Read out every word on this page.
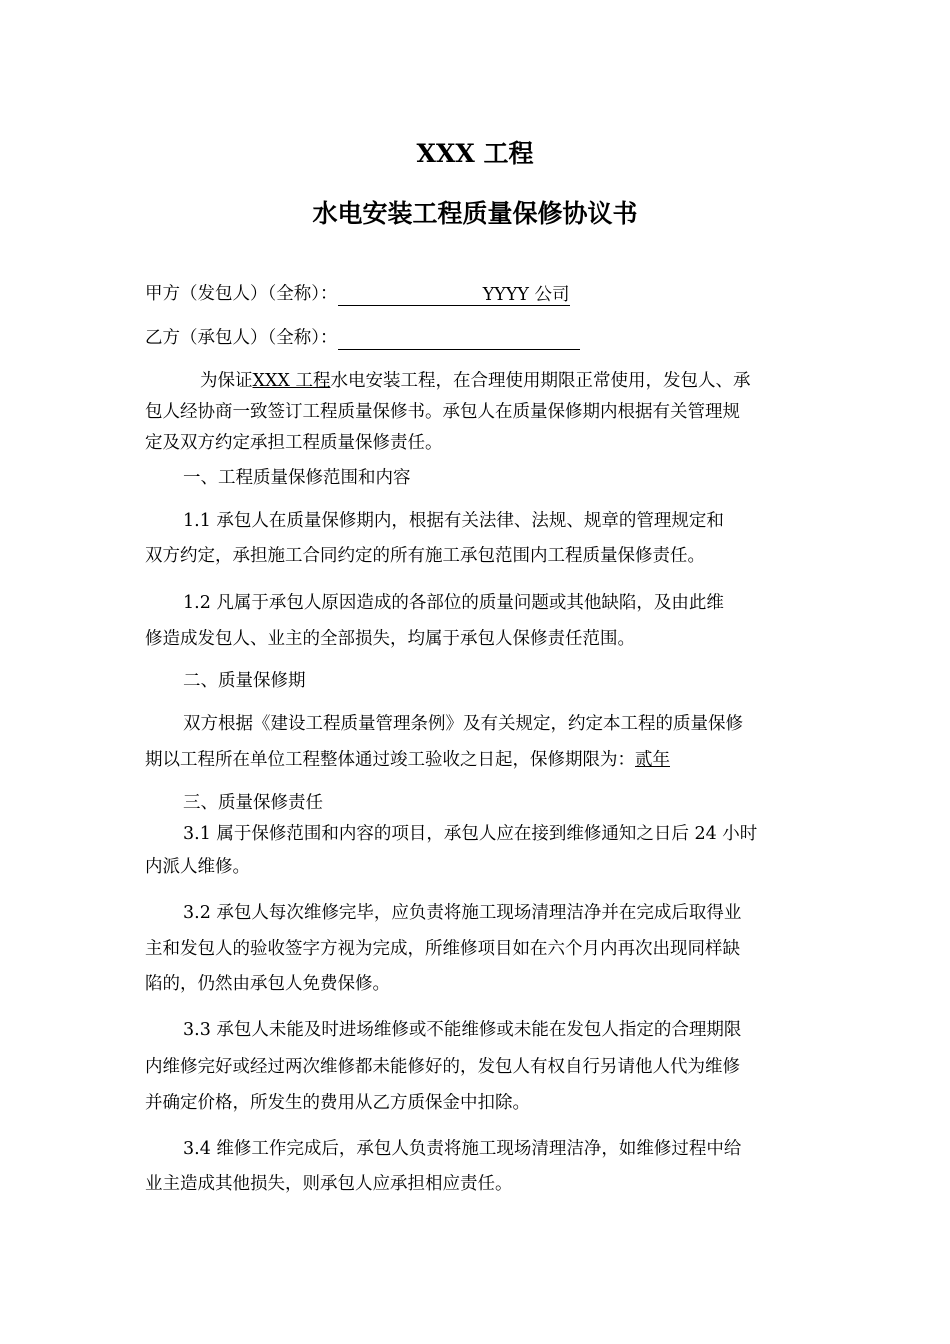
XXX 工程
水电安装工程质量保修协议书
甲方（发包人）（全称）：	YYYY 公司
乙方（承包人）（全称）：
为保证XXX 工程水电安装工程，在合理使用期限正常使用，发包人、承
包人经协商一致签订工程质量保修书。承包人在质量保修期内根据有关管理规
定及双方约定承担工程质量保修责任。
一、工程质量保修范围和内容
1.1 承包人在质量保修期内，根据有关法律、法规、规章的管理规定和
双方约定，承担施工合同约定的所有施工承包范围内工程质量保修责任。
1.2 凡属于承包人原因造成的各部位的质量问题或其他缺陷，及由此维
修造成发包人、业主的全部损失，均属于承包人保修责任范围。
二、质量保修期
双方根据《建设工程质量管理条例》及有关规定，约定本工程的质量保修
期以工程所在单位工程整体通过竣工验收之日起，保修期限为：贰年
三、质量保修责任
3.1 属于保修范围和内容的项目，承包人应在接到维修通知之日后 24 小时
内派人维修。
3.2 承包人每次维修完毕，应负责将施工现场清理洁净并在完成后取得业
主和发包人的验收签字方视为完成，所维修项目如在六个月内再次出现同样缺
陷的，仍然由承包人免费保修。
3.3 承包人未能及时进场维修或不能维修或未能在发包人指定的合理期限
内维修完好或经过两次维修都未能修好的，发包人有权自行另请他人代为维修
并确定价格，所发生的费用从乙方质保金中扣除。
3.4 维修工作完成后，承包人负责将施工现场清理洁净，如维修过程中给
业主造成其他损失，则承包人应承担相应责任。
